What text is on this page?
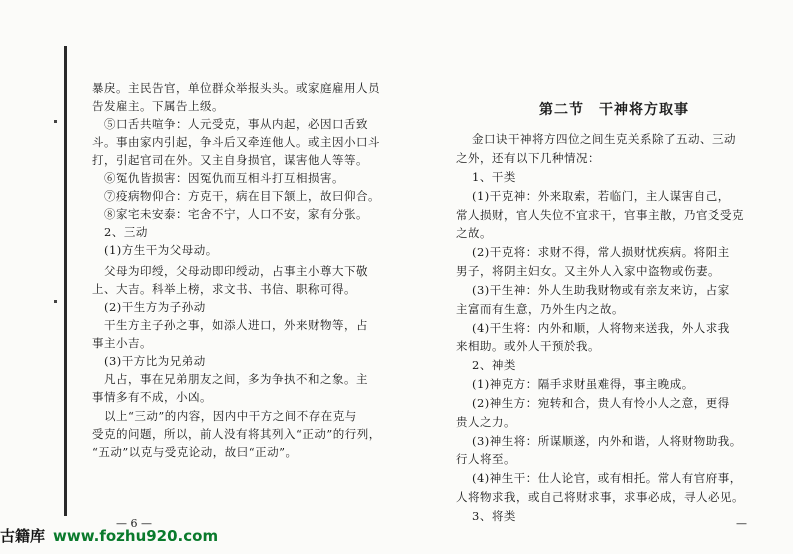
暴戾。主民告官，单位群众举报头头。或家庭雇用人员
告发雇主。下属告上级。
⑤口舌共喧争：人元受克，事从内起，必因口舌致
斗。事由家内引起，争斗后又牵连他人。或主因小口斗
打，引起官司在外。又主自身损官，谋害他人等等。
⑥冤仇皆损害：因冤仇而互相斗打互相损害。
⑦疫病物仰合：方克干，病在目下颔上，故曰仰合。
⑧家宅未安泰：宅舍不宁，人口不安，家有分张。
2、三动
(1)方生干为父母动。
父母为印绶，父母动即印绶动，占事主小尊大下敬
上、大吉。科举上榜，求文书、书信、职称可得。
(2)干生方为子孙动
干生方主子孙之事，如添人进口，外来财物等，占
事主小吉。
(3)干方比为兄弟动
凡占，事在兄弟朋友之间，多为争执不和之象。主
事情多有不成，小凶。
以上“三动”的内容，因内中干方之间不存在克与
受克的问题，所以，前人没有将其列入“正动”的行列，
“五动”以克与受克论动，故曰“正动”。
— 6 —
第二节　干神将方取事
金口诀干神将方四位之间生克关系除了五动、三动
之外，还有以下几种情况：
1、干类
(1)干克神：外来取索，若临门，主人谋害自己，
常人损财，官人失位不宜求干，官事主散，乃官爻受克
之故。
(2)干克将：求财不得，常人损财忧疾病。将阳主
男子，将阴主妇女。又主外人入家中盗物或伤妻。
(3)干生神：外人生助我财物或有亲友来访，占家
主富而有生意，乃外生内之故。
(4)干生将：内外和顺，人将物来送我，外人求我
来相助。或外人干预於我。
2、神类
(1)神克方：隔手求财虽难得，事主晚成。
(2)神生方：宛转和合，贵人有怜小人之意，更得
贵人之力。
(3)神生将：所谋顺遂，内外和谐，人将财物助我。
行人将至。
(4)神生干：仕人论官，或有相托。常人有官府事，
人将物求我，或自己将财求事，求事必成，寻人必见。
3、将类
—
古籍库 www.fozhu920.com
